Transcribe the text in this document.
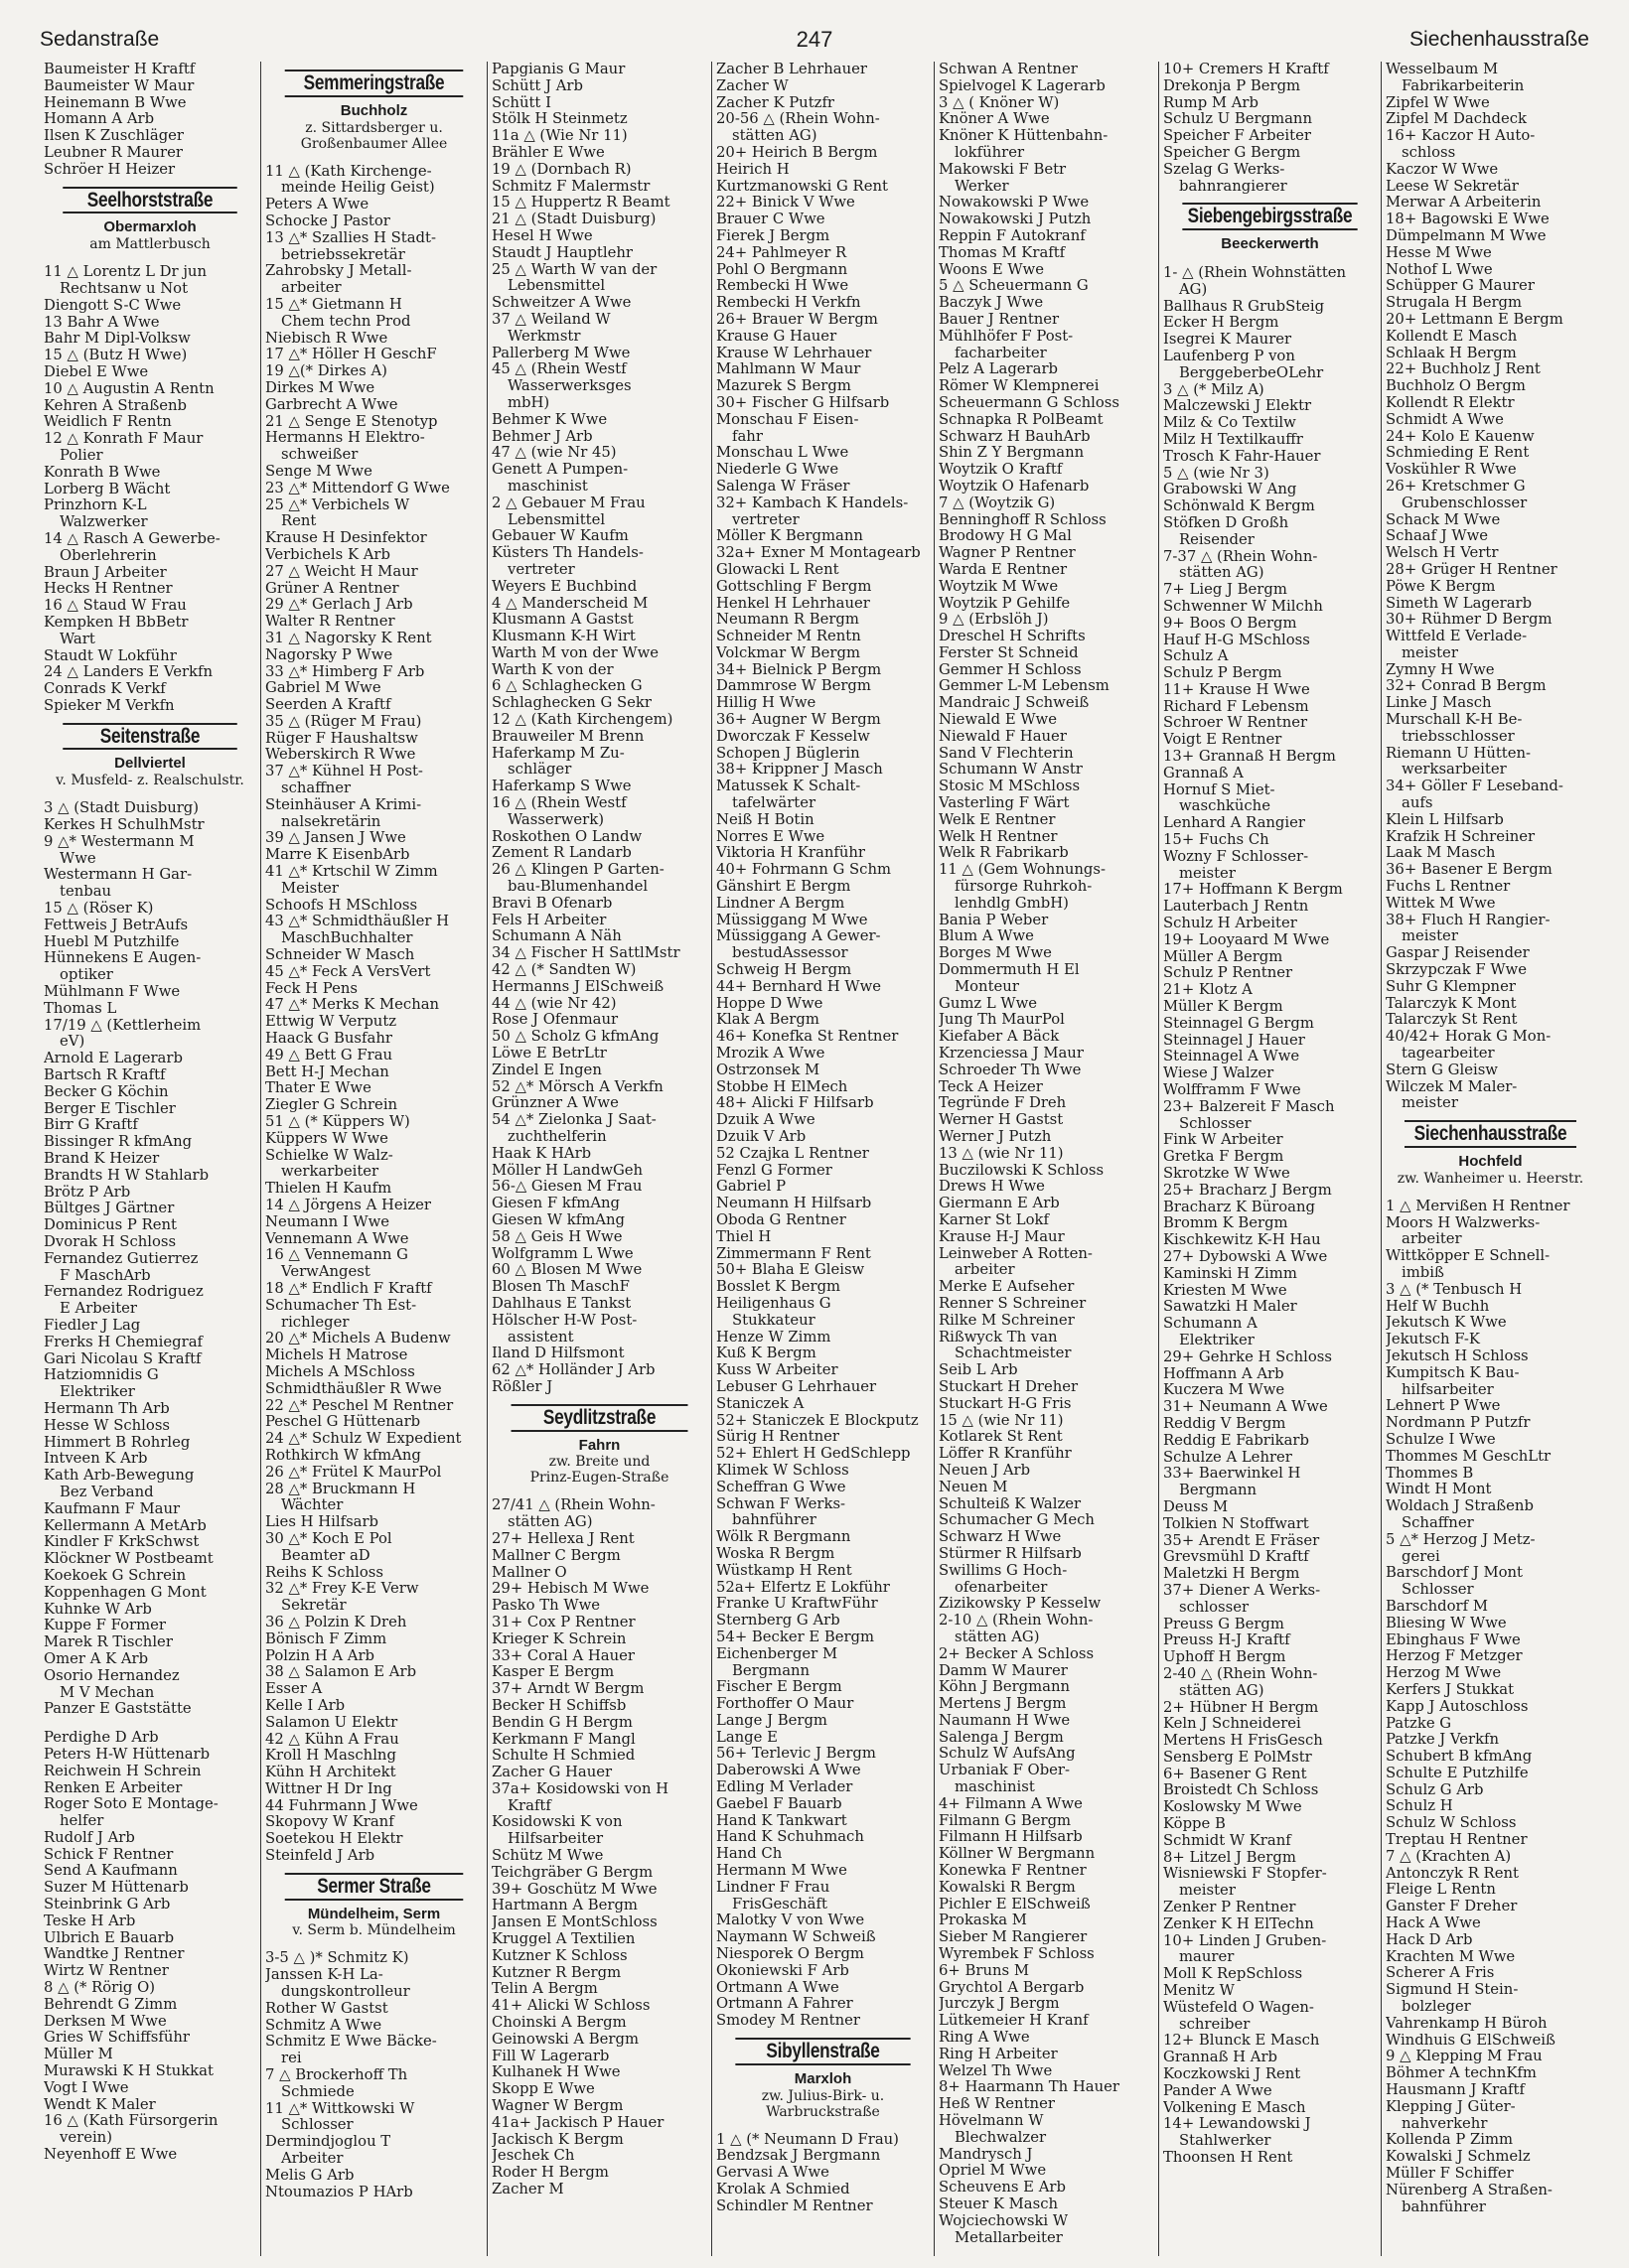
Sedanstraße	247	Siechenhausstraße
Baumeister H Kraftf
Baumeister W Maur
Heinemann B Wwe
Homann A Arb
Ilsen K Zuschläger
Leubner R Maurer
Schröer H Heizer
Seelhorststraße
Obermarxloh
am Mattlerbusch
11 △ Lorentz L Dr jun
Rechtsanw u Not
Diengott S-C Wwe
13 Bahr A Wwe
Bahr M Dipl-Volksw
15 △ (Butz H Wwe)
Diebel E Wwe
10 △ Augustin A Rentn
Kehren A Straßenb
Weidlich F Rentn
12 △ Konrath F Maur
Polier
Konrath B Wwe
Lorberg B Wächt
Prinzhorn K-L
Walzwerker
14 △ Rasch A Gewerbe-
Oberlehrerin
Braun J Arbeiter
Hecks H Rentner
16 △ Staud W Frau
Kempken H BbBetr
Wart
Staudt W Lokführ
24 △ Landers E Verkfn
Conrads K Verkf
Spieker M Verkfn
Seitenstraße
Dellviertel
v. Musfeld- z. Realschulstr.
3 △ (Stadt Duisburg)
Kerkes H SchulhMstr
9 △* Westermann M
Wwe
Westermann H Gar-
tenbau
15 △ (Röser K)
Fettweis J BetrAufs
Huebl M Putzhilfe
Hünnekens E Augen-
optiker
Mühlmann F Wwe
Thomas L
17/19 △ (Kettlerheim
eV)
Arnold E Lagerarb
Bartsch R Kraftf
Becker G Köchin
Berger E Tischler
Birr G Kraftf
Bissinger R kfmAng
Brand K Heizer
Brandts H W Stahlarb
Brötz P Arb
Bültges J Gärtner
Dominicus P Rent
Dvorak H Schloss
Fernandez Gutierrez
F MaschArb
Fernandez Rodriguez
E Arbeiter
Fiedler J Lag
Frerks H Chemiegraf
Gari Nicolau S Kraftf
Hatziomnidis G
Elektriker
Hermann Th Arb
Hesse W Schloss
Himmert B Rohrleg
Intveen K Arb
Kath Arb-Bewegung
Bez Verband
Kaufmann F Maur
Kellermann A MetArb
Kindler F KrkSchwst
Klöckner W Postbeamt
Koekoek G Schrein
Koppenhagen G Mont
Kuhnke W Arb
Kuppe F Former
Marek R Tischler
Omer A K Arb
Osorio Hernandez
M V Mechan
Panzer E Gaststätte
Perdighe D Arb
Peters H-W Hüttenarb
Reichwein H Schrein
Renken E Arbeiter
Roger Soto E Montage-
helfer
Rudolf J Arb
Schick F Rentner
Send A Kaufmann
Suzer M Hüttenarb
Steinbrink G Arb
Teske H Arb
Ulbrich E Bauarb
Wandtke J Rentner
Wirtz W Rentner
8 △ (* Rörig O)
Behrendt G Zimm
Derksen M Wwe
Gries W Schiffsführ
Müller M
Murawski K H Stukkat
Vogt I Wwe
Wendt K Maler
16 △ (Kath Fürsorgerin
verein)
Neyenhoff E Wwe
Semmeringstraße
Buchholz
z. Sittardsberger u.
Großenbaumer Allee
11 △ (Kath Kirchenge-
meinde Heilig Geist)
Peters A Wwe
Schocke J Pastor
13 △* Szallies H Stadt-
betriebssekretär
Zahrobsky J Metall-
arbeiter
15 △* Gietmann H
Chem techn Prod
Niebisch R Wwe
17 △* Höller H GeschF
19 △(* Dirkes A)
Dirkes M Wwe
Garbrecht A Wwe
21 △ Senge E Stenotyp
Hermanns H Elektro-
schweißer
Senge M Wwe
23 △* Mittendorf G Wwe
25 △* Verbichels W
Rent
Krause H Desinfektor
Verbichels K Arb
27 △ Weicht H Maur
Grüner A Rentner
29 △* Gerlach J Arb
Walter R Rentner
31 △ Nagorsky K Rent
Nagorsky P Wwe
33 △* Himberg F Arb
Gabriel M Wwe
Seerden A Kraftf
35 △ (Rüger M Frau)
Rüger F Haushaltsw
Weberskirch R Wwe
37 △* Kühnel H Post-
schaffner
Steinhäuser A Krimi-
nalsekretärin
39 △ Jansen J Wwe
Marre K EisenbArb
41 △* Krtschil W Zimm
Meister
Schoofs H MSchloss
43 △* Schmidthäußler H
MaschBuchhalter
Schneider W Masch
45 △* Feck A VersVert
Feck H Pens
47 △* Merks K Mechan
Ettwig W Verputz
Haack G Busfahr
49 △ Bett G Frau
Bett H-J Mechan
Thater E Wwe
Ziegler G Schrein
51 △ (* Küppers W)
Küppers W Wwe
Schielke W Walz-
werkarbeiter
Thielen H Kaufm
14 △ Jörgens A Heizer
Neumann I Wwe
Vennemann A Wwe
16 △ Vennemann G
VerwAngest
18 △* Endlich F Kraftf
Schumacher Th Est-
richleger
20 △* Michels A Budenw
Michels H Matrose
Michels A MSchloss
Schmidthäußler R Wwe
22 △* Peschel M Rentner
Peschel G Hüttenarb
24 △* Schulz W Expedient
Rothkirch W kfmAng
26 △* Frütel K MaurPol
28 △* Bruckmann H
Wächter
Lies H Hilfsarb
30 △* Koch E Pol
Beamter aD
Reihs K Schloss
32 △* Frey K-E Verw
Sekretär
36 △ Polzin K Dreh
Bönisch F Zimm
Polzin H A Arb
38 △ Salamon E Arb
Esser A
Kelle I Arb
Salamon U Elektr
42 △ Kühn A Frau
Kroll H Maschlng
Kühn H Architekt
Wittner H Dr Ing
44 Fuhrmann J Wwe
Skopovy W Kranf
Soetekou H Elektr
Steinfeld J Arb
Sermer Straße
Mündelheim, Serm
v. Serm b. Mündelheim
3-5 △ )* Schmitz K)
Janssen K-H La-
dungskontrolleur
Rother W Gastst
Schmitz A Wwe
Schmitz E Wwe Bäcke-
rei
7 △ Brockerhoff Th
Schmiede
11 △* Wittkowski W
Schlosser
Dermindjoglou T
Arbeiter
Melis G Arb
Ntoumazios P HArb
Papgianis G Maur
Schütt J Arb
Schütt I
Stölk H Steinmetz
11a △ (Wie Nr 11)
Brähler E Wwe
19 △ (Dornbach R)
Schmitz F Malermstr
15 △ Huppertz R Beamt
21 △ (Stadt Duisburg)
Hesel H Wwe
Staudt J Hauptlehr
25 △ Warth W van der
Lebensmittel
Schweitzer A Wwe
37 △ Weiland W
Werkmstr
Pallerberg M Wwe
45 △ (Rhein Westf
Wasserwerksges
mbH)
Behmer K Wwe
Behmer J Arb
47 △ (wie Nr 45)
Genett A Pumpen-
maschinist
2 △ Gebauer M Frau
Lebensmittel
Gebauer W Kaufm
Küsters Th Handels-
vertreter
Weyers E Buchbind
4 △ Manderscheid M
Klusmann A Gastst
Klusmann K-H Wirt
Warth M von der Wwe
Warth K von der
6 △ Schlaghecken G
Schlaghecken G Sekr
12 △ (Kath Kirchengem)
Brauweiler M Brenn
Haferkamp M Zu-
schläger
Haferkamp S Wwe
16 △ (Rhein Westf
Wasserwerk)
Roskothen O Landw
Zement R Landarb
26 △ Klingen P Garten-
bau-Blumenhandel
Bravi B Ofenarb
Fels H Arbeiter
Schumann A Näh
34 △ Fischer H SattlMstr
42 △ (* Sandten W)
Hermanns J ElSchweiß
44 △ (wie Nr 42)
Rose J Ofenmaur
50 △ Scholz G kfmAng
Löwe E BetrLtr
Zindel E Ingen
52 △* Mörsch A Verkfn
Grünzner A Wwe
54 △* Zielonka J Saat-
zuchthelferin
Haak K HArb
Möller H LandwGeh
56-△ Giesen M Frau
Giesen F kfmAng
Giesen W kfmAng
58 △ Geis H Wwe
Wolfgramm L Wwe
60 △ Blosen M Wwe
Blosen Th MaschF
Dahlhaus E Tankst
Hölscher H-W Post-
assistent
Iland D Hilfsmont
62 △* Holländer J Arb
Rößler J
Seydlitzstraße
Fahrn
zw. Breite und
Prinz-Eugen-Straße
27/41 △ (Rhein Wohn-
stätten AG)
27+ Hellexa J Rent
Mallner C Bergm
Mallner O
29+ Hebisch M Wwe
Pasko Th Wwe
31+ Cox P Rentner
Krieger K Schrein
33+ Coral A Hauer
Kasper E Bergm
37+ Arndt W Bergm
Becker H Schiffsb
Bendin G H Bergm
Kerkmann F Mangl
Schulte H Schmied
Zacher G Hauer
37a+ Kosidowski von H
Kraftf
Kosidowski K von
Hilfsarbeiter
Schütz M Wwe
Teichgräber G Bergm
39+ Goschütz M Wwe
Hartmann A Bergm
Jansen E MontSchloss
Kruggel A Textilien
Kutzner K Schloss
Kutzner R Bergm
Telin A Bergm
41+ Alicki W Schloss
Choinski A Bergm
Geinowski A Bergm
Fill W Lagerarb
Kulhanek H Wwe
Skopp E Wwe
Wagner W Bergm
41a+ Jackisch P Hauer
Jackisch K Bergm
Jeschek Ch
Roder H Bergm
Zacher M
Zacher B Lehrhauer
Zacher W
Zacher K Putzfr
20-56 △ (Rhein Wohn-
stätten AG)
20+ Heirich B Bergm
Heirich H
Kurtzmanowski G Rent
22+ Binick V Wwe
Brauer C Wwe
Fierek J Bergm
24+ Pahlmeyer R
Pohl O Bergmann
Rembecki H Wwe
Rembecki H Verkfn
26+ Brauer W Bergm
Krause G Hauer
Krause W Lehrhauer
Mahlmann W Maur
Mazurek S Bergm
30+ Fischer G Hilfsarb
Monschau F Eisen-
fahr
Monschau L Wwe
Niederle G Wwe
Salenga W Fräser
32+ Kambach K Handels-
vertreter
Möller K Bergmann
32a+ Exner M Montagearb
Glowacki L Rent
Gottschling F Bergm
Henkel H Lehrhauer
Neumann R Bergm
Schneider M Rentn
Volckmar W Bergm
34+ Bielnick P Bergm
Dammrose W Bergm
Hillig H Wwe
36+ Augner W Bergm
Dworczak F Kesselw
Schopen J Büglerin
38+ Krippner J Masch
Matussek K Schalt-
tafelwärter
Neiß H Botin
Norres E Wwe
Viktoria H Kranführ
40+ Fohrmann G Schm
Gänshirt E Bergm
Lindner A Bergm
Müssiggang M Wwe
Müssiggang A Gewer-
bestudAssessor
Schweig H Bergm
44+ Bernhard H Wwe
Hoppe D Wwe
Klak A Bergm
46+ Konefka St Rentner
Mrozik A Wwe
Ostrzonsek M
Stobbe H ElMech
48+ Alicki F Hilfsarb
Dzuik A Wwe
Dzuik V Arb
52 Czajka L Rentner
Fenzl G Former
Gabriel P
Neumann H Hilfsarb
Oboda G Rentner
Thiel H
Zimmermann F Rent
50+ Blaha E Gleisw
Bosslet K Bergm
Heiligenhaus G
Stukkateur
Henze W Zimm
Kuß K Bergm
Kuss W Arbeiter
Lebuser G Lehrhauer
Staniczek A
52+ Staniczek E Blockputz
Sürig H Rentner
52+ Ehlert H GedSchlepp
Klimek W Schloss
Scheffran G Wwe
Schwan F Werks-
bahnführer
Wölk R Bergmann
Woska R Bergm
Wüstkamp H Rent
52a+ Elfertz E Lokführ
Franke U KraftwFühr
Sternberg G Arb
54+ Becker E Bergm
Eichenberger M
Bergmann
Fischer E Bergm
Forthoffer O Maur
Lange J Bergm
Lange E
56+ Terlevic J Bergm
Daberowski A Wwe
Edling M Verlader
Gaebel F Bauarb
Hand K Tankwart
Hand K Schuhmach
Hand Ch
Hermann M Wwe
Lindner F Frau
FrisGeschäft
Malotky V von Wwe
Naymann W Schweiß
Niesporek O Bergm
Okoniewski F Arb
Ortmann A Wwe
Ortmann A Fahrer
Smodey M Rentner
Sibyllenstraße
Marxloh
zw. Julius-Birk- u.
Warbruckstraße
1 △ (* Neumann D Frau)
Bendzsak J Bergmann
Gervasi A Wwe
Krolak A Schmied
Schindler M Rentner
Schwan A Rentner
Spielvogel K Lagerarb
3 △ ( Knöner W)
Knöner A Wwe
Knöner K Hüttenbahn-
lokführer
Makowski F Betr
Werker
Nowakowski P Wwe
Nowakowski J Putzh
Reppin F Autokranf
Thomas M Kraftf
Woons E Wwe
5 △ Scheuermann G
Baczyk J Wwe
Bauer J Rentner
Mühlhöfer F Post-
facharbeiter
Pelz A Lagerarb
Römer W Klempnerei
Scheuermann G Schloss
Schnapka R PolBeamt
Schwarz H BauhArb
Shin Z Y Bergmann
Woytzik O Kraftf
Woytzik O Hafenarb
7 △ (Woytzik G)
Benninghoff R Schloss
Brodowy H G Mal
Wagner P Rentner
Warda E Rentner
Woytzik M Wwe
Woytzik P Gehilfe
9 △ (Erbslöh J)
Dreschel H Schrifts
Ferster St Schneid
Gemmer H Schloss
Gemmer L-M Lebensm
Mandraic J Schweiß
Niewald E Wwe
Niewald F Hauer
Sand V Flechterin
Schumann W Anstr
Stosic M MSchloss
Vasterling F Wärt
Welk E Rentner
Welk H Rentner
Welk R Fabrikarb
11 △ (Gem Wohnungs-
fürsorge Ruhrkoh-
lenhdlg GmbH)
Bania P Weber
Blum A Wwe
Borges M Wwe
Dommermuth H El
Monteur
Gumz L Wwe
Jung Th MaurPol
Kiefaber A Bäck
Krzenciessa J Maur
Schroeder Th Wwe
Teck A Heizer
Tegründe F Dreh
Werner H Gastst
Werner J Putzh
13 △ (wie Nr 11)
Buczilowski K Schloss
Drews H Wwe
Giermann E Arb
Karner St Lokf
Krause H-J Maur
Leinweber A Rotten-
arbeiter
Merke E Aufseher
Renner S Schreiner
Rilke M Schreiner
Rißwyck Th van
Schachtmeister
Seib L Arb
Stuckart H Dreher
Stuckart H-G Fris
15 △ (wie Nr 11)
Kotlarek St Rent
Löffer R Kranführ
Neuen J Arb
Neuen M
Schulteiß K Walzer
Schumacher G Mech
Schwarz H Wwe
Stürmer R Hilfsarb
Swillims G Hoch-
ofenarbeiter
Zizikowsky P Kesselw
2-10 △ (Rhein Wohn-
stätten AG)
2+ Becker A Schloss
Damm W Maurer
Köhn J Bergmann
Mertens J Bergm
Naumann H Wwe
Salenga J Bergm
Schulz W AufsÄng
Urbaniak F Ober-
maschinist
4+ Filmann A Wwe
Filmann G Bergm
Filmann H Hilfsarb
Köllner W Bergmann
Konewka F Rentner
Kowalski R Bergm
Pichler E ElSchweiß
Prokaska M
Sieber M Rangierer
Wyrembek F Schloss
6+ Bruns M
Grychtol A Bergarb
Jurczyk J Bergm
Lütkemeier H Kranf
Ring A Wwe
Ring H Arbeiter
Welzel Th Wwe
8+ Haarmann Th Hauer
Heß W Rentner
Hövelmann W
Blechwalzer
Mandrysch J
Opriel M Wwe
Scheuvens E Arb
Steuer K Masch
Wojciechowski W
Metallarbeiter
10+ Cremers H Kraftf
Drekonja P Bergm
Rump M Arb
Schulz U Bergmann
Speicher F Arbeiter
Speicher G Bergm
Szelag G Werks-
bahnrangierer
Siebengebirgsstraße
Beeckerwerth
1- △ (Rhein Wohnstätten
AG)
Ballhaus R GrubSteig
Ecker H Bergm
Isegrei K Maurer
Laufenberg P von
BerggeberbeOLehr
3 △ (* Milz A)
Malczewski J Elektr
Milz & Co Textilw
Milz H Textilkauffr
Trosch K Fahr-Hauer
5 △ (wie Nr 3)
Grabowski W Ang
Schönwald K Bergm
Stöfken D Großh
Reisender
7-37 △ (Rhein Wohn-
stätten AG)
7+ Lieg J Bergm
Schwenner W Milchh
9+ Boos O Bergm
Hauf H-G MSchloss
Schulz A
Schulz P Bergm
11+ Krause H Wwe
Richard F Lebensm
Schroer W Rentner
Voigt E Rentner
13+ Grannaß H Bergm
Grannaß A
Hornuf S Miet-
waschküche
Lenhard A Rangier
15+ Fuchs Ch
Wozny F Schlosser-
meister
17+ Hoffmann K Bergm
Lauterbach J Rentn
Schulz H Arbeiter
19+ Looyaard M Wwe
Müller A Bergm
Schulz P Rentner
21+ Klotz A
Müller K Bergm
Steinnagel G Bergm
Steinnagel J Hauer
Steinnagel A Wwe
Wiese J Walzer
Wolfframm F Wwe
23+ Balzereit F Masch
Schlosser
Fink W Arbeiter
Gretka F Bergm
Skrotzke W Wwe
25+ Bracharz J Bergm
Bracharz K Büroang
Bromm K Bergm
Kischkewitz K-H Hau
27+ Dybowski A Wwe
Kaminski H Zimm
Kriesten M Wwe
Sawatzki H Maler
Schumann A
Elektriker
29+ Gehrke H Schloss
Hoffmann A Arb
Kuczera M Wwe
31+ Neumann A Wwe
Reddig V Bergm
Reddig E Fabrikarb
Schulze A Lehrer
33+ Baerwinkel H
Bergmann
Deuss M
Tolkien N Stoffwart
35+ Arendt E Fräser
Grevsmühl D Kraftf
Maletzki H Bergm
37+ Diener A Werks-
schlosser
Preuss G Bergm
Preuss H-J Kraftf
Uphoff H Bergm
2-40 △ (Rhein Wohn-
stätten AG)
2+ Hübner H Bergm
Keln J Schneiderei
Mertens H FrisGesch
Sensberg E PolMstr
6+ Basener G Rent
Broistedt Ch Schloss
Koslowsky M Wwe
Köppe B
Schmidt W Kranf
8+ Litzel J Bergm
Wisniewski F Stopfer-
meister
Zenker P Rentner
Zenker K H ElTechn
10+ Linden J Gruben-
maurer
Moll K RepSchloss
Menitz W
Wüstefeld O Wagen-
schreiber
12+ Blunck E Masch
Grannaß H Arb
Koczkowski J Rent
Pander A Wwe
Volkening E Masch
14+ Lewandowski J
Stahlwerker
Thoonsen H Rent
Wesselbaum M
Fabrikarbeiterin
Zipfel W Wwe
Zipfel M Dachdeck
16+ Kaczor H Auto-
schloss
Kaczor W Wwe
Leese W Sekretär
Merwar A Arbeiterin
18+ Bagowski E Wwe
Dümpelmann M Wwe
Hesse M Wwe
Nothof L Wwe
Schüpper G Maurer
Strugala H Bergm
20+ Lettmann E Bergm
Kollendt E Masch
Schlaak H Bergm
22+ Buchholz J Rent
Buchholz O Bergm
Kollendt R Elektr
Schmidt A Wwe
24+ Kolo E Kauenw
Schmieding E Rent
Voskühler R Wwe
26+ Kretschmer G
Grubenschlosser
Schack M Wwe
Schaaf J Wwe
Welsch H Vertr
28+ Grüger H Rentner
Pöwe K Bergm
Simeth W Lagerarb
30+ Rühmer D Bergm
Wittfeld E Verlade-
meister
Zymny H Wwe
32+ Conrad B Bergm
Linke J Masch
Murschall K-H Be-
triebsschlosser
Riemann U Hütten-
werksarbeiter
34+ Göller F Leseband-
aufs
Klein L Hilfsarb
Krafzik H Schreiner
Laak M Masch
36+ Basener E Bergm
Fuchs L Rentner
Wittek M Wwe
38+ Fluch H Rangier-
meister
Gaspar J Reisender
Skrzypczak F Wwe
Suhr G Klempner
Talarczyk K Mont
Talarczyk St Rent
40/42+ Horak G Mon-
tagearbeiter
Stern G Gleisw
Wilczek M Maler-
meister
Siechenhausstraße
Hochfeld
zw. Wanheimer u. Heerstr.
1 △ Mervißen H Rentner
Moors H Walzwerks-
arbeiter
Wittköpper E Schnell-
imbiß
3 △ (* Tenbusch H
Helf W Buchh
Jekutsch K Wwe
Jekutsch F-K
Jekutsch H Schloss
Kumpitsch K Bau-
hilfsarbeiter
Lehnert P Wwe
Nordmann P Putzfr
Schulze I Wwe
Thommes M GeschLtr
Thommes B
Windt H Mont
Woldach J Straßenb
Schaffner
5 △* Herzog J Metz-
gerei
Barschdorf J Mont
Schlosser
Barschdorf M
Bliesing W Wwe
Ebinghaus F Wwe
Herzog F Metzger
Herzog M Wwe
Kerfers J Stukkat
Kapp J Autoschloss
Patzke G
Patzke J Verkfn
Schubert B kfmAng
Schulte E Putzhilfe
Schulz G Arb
Schulz H
Schulz W Schloss
Treptau H Rentner
7 △ (Krachten A)
Antonczyk R Rent
Fleige L Rentn
Ganster F Dreher
Hack A Wwe
Hack D Arb
Krachten M Wwe
Scherer A Fris
Sigmund H Stein-
bolzleger
Vahrenkamp H Büroh
Windhuis G ElSchweiß
9 △ Klepping M Frau
Böhmer A technKfm
Hausmann J Kraftf
Klepping J Güter-
nahverkehr
Kollenda P Zimm
Kowalski J Schmelz
Müller F Schiffer
Nürenberg A Straßen-
bahnführer
